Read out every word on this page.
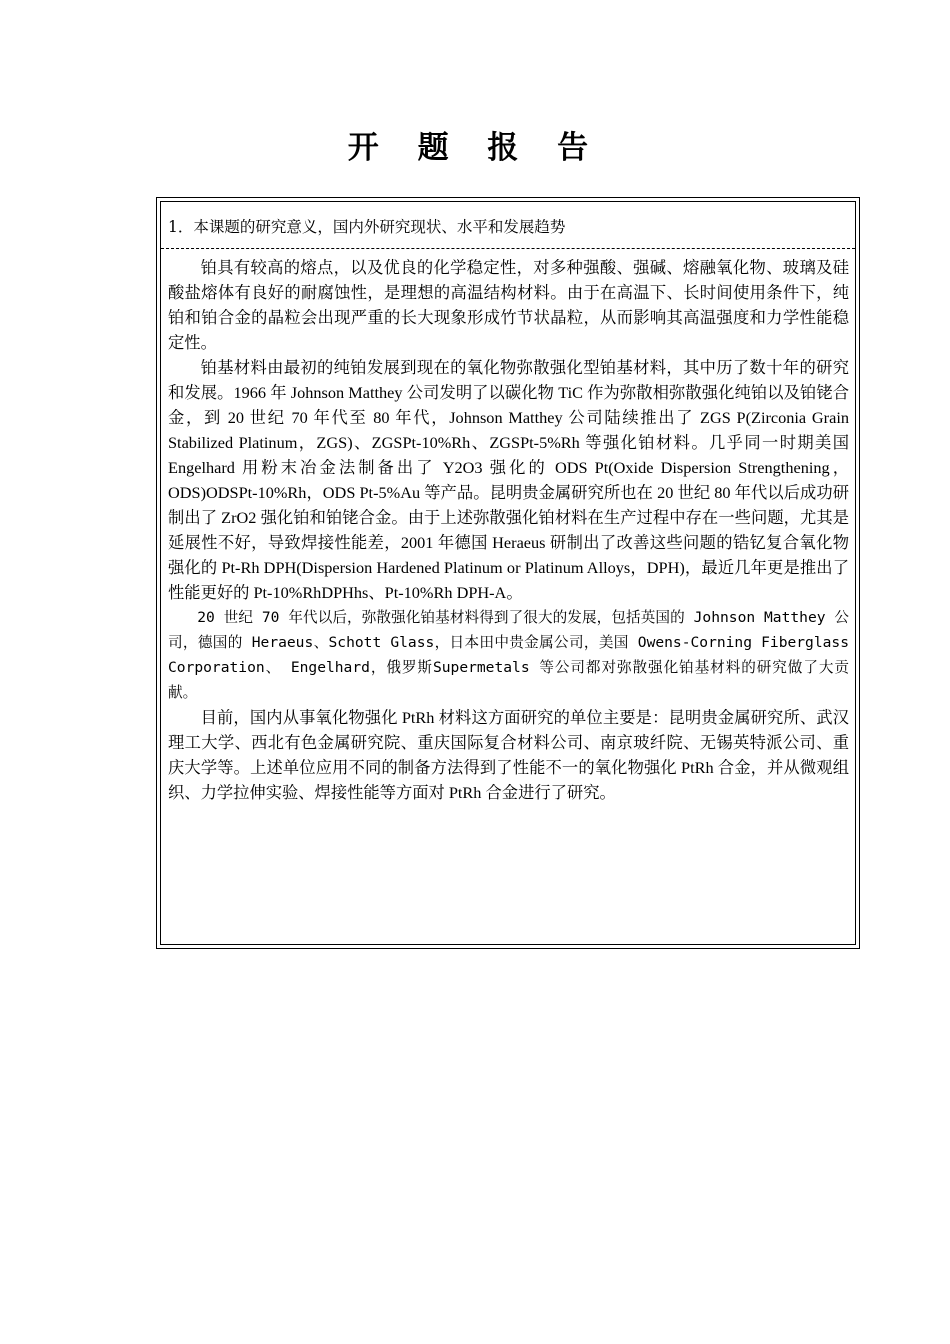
开 题 报 告
1．本课题的研究意义，国内外研究现状、水平和发展趋势

铂具有较高的熔点，以及优良的化学稳定性，对多种强酸、强碱、熔融氧化物、玻璃及硅酸盐熔体有良好的耐腐蚀性，是理想的高温结构材料。由于在高温下、长时间使用条件下，纯铂和铂合金的晶粒会出现严重的长大现象形成竹节状晶粒，从而影响其高温强度和力学性能稳定性。

铂基材料由最初的纯铂发展到现在的氧化物弥散强化型铂基材料，其中历了数十年的研究和发展。1966 年 Johnson Matthey 公司发明了以碳化物 TiC 作为弥散相弥散强化纯铂以及铂铑合金，到 20 世纪 70 年代至 80 年代，Johnson Matthey 公司陆续推出了 ZGS P(Zirconia Grain Stabilized Platinum，ZGS)、ZGSPt-10%Rh、ZGSPt-5%Rh 等强化铂材料。几乎同一时期美国 Engelhard 用粉末冶金法制备出了 Y2O3 强化的 ODS Pt(Oxide Dispersion Strengthening，ODS)ODSPt-10%Rh，ODS Pt-5%Au 等产品。昆明贵金属研究所也在 20 世纪 80 年代以后成功研制出了 ZrO2 强化铂和铂铑合金。由于上述弥散强化铂材料在生产过程中存在一些问题，尤其是延展性不好，导致焊接性能差，2001 年德国 Heraeus 研制出了改善这些问题的锆钇复合氧化物强化的 Pt-Rh DPH(Dispersion Hardened Platinum or Platinum Alloys，DPH)，最近几年更是推出了性能更好的 Pt-10%RhDPHhs、Pt-10%Rh DPH-A。

20 世纪 70 年代以后，弥散强化铂基材料得到了很大的发展，包括英国的 Johnson Matthey 公司，德国的 Heraeus、Schott Glass，日本田中贵金属公司，美国 Owens-Corning Fiberglass Corporation、 Engelhard，俄罗斯Supermetals 等公司都对弥散强化铂基材料的研究做了大贡献。

目前，国内从事氧化物强化 PtRh 材料这方面研究的单位主要是：昆明贵金属研究所、武汉理工大学、西北有色金属研究院、重庆国际复合材料公司、南京玻纤院、无锡英特派公司、重庆大学等。上述单位应用不同的制备方法得到了性能不一的氧化物强化 PtRh 合金，并从微观组织、力学拉伸实验、焊接性能等方面对 PtRh 合金进行了研究。
